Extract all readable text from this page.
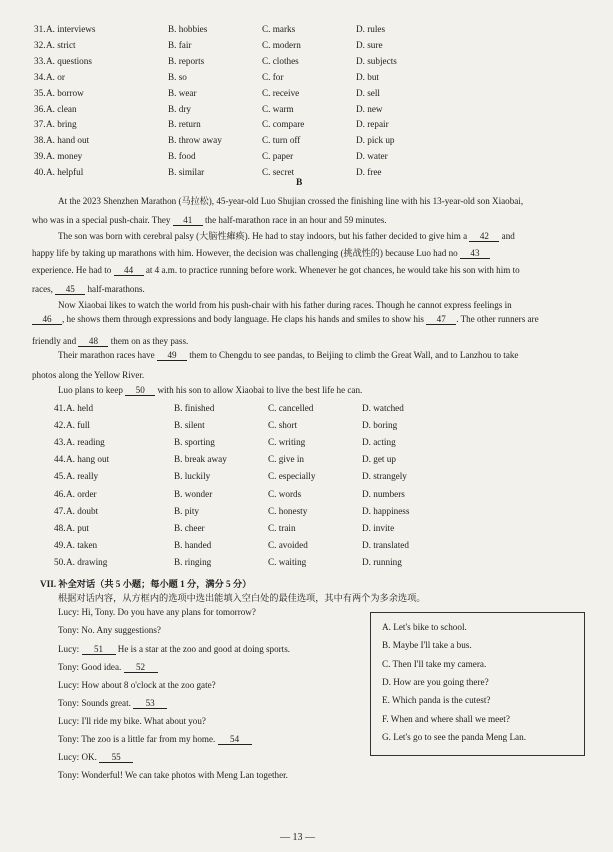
31. A. interviews	B. hobbies	C. marks	D. rules
32. A. strict	B. fair	C. modern	D. sure
33. A. questions	B. reports	C. clothes	D. subjects
34. A. or	B. so	C. for	D. but
35. A. borrow	B. wear	C. receive	D. sell
36. A. clean	B. dry	C. warm	D. new
37. A. bring	B. return	C. compare	D. repair
38. A. hand out	B. throw away	C. turn off	D. pick up
39. A. money	B. food	C. paper	D. water
40. A. helpful	B. similar	C. secret	D. free
B
At the 2023 Shenzhen Marathon (马拉松), 45-year-old Luo Shujian crossed the finishing line with his 13-year-old son Xiaobai,
who was in a special push-chair. They 41 the half-marathon race in an hour and 59 minutes.
The son was born with cerebral palsy (大脑性瘫痪). He had to stay indoors, but his father decided to give him a 42 and
happy life by taking up marathons with him. However, the decision was challenging (挑战性的) because Luo had no 43
experience. He had to 44 at 4 a.m. to practice running before work. Whenever he got chances, he would take his son with him to
races, 45 half-marathons.
Now Xiaobai likes to watch the world from his push-chair with his father during races. Though he cannot express feelings in
46 , he shows them through expressions and body language. He claps his hands and smiles to show his 47 . The other runners are
friendly and 48 them on as they pass.
Their marathon races have 49 them to Chengdu to see pandas, to Beijing to climb the Great Wall, and to Lanzhou to take
photos along the Yellow River.
Luo plans to keep 50 with his son to allow Xiaobai to live the best life he can.
41. A. held	B. finished	C. cancelled	D. watched
42. A. full	B. silent	C. short	D. boring
43. A. reading	B. sporting	C. writing	D. acting
44. A. hang out	B. break away	C. give in	D. get up
45. A. really	B. luckily	C. especially	D. strangely
46. A. order	B. wonder	C. words	D. numbers
47. A. doubt	B. pity	C. honesty	D. happiness
48. A. put	B. cheer	C. train	D. invite
49. A. taken	B. handed	C. avoided	D. translated
50. A. drawing	B. ringing	C. waiting	D. running
VII. 补全对话（共 5 小题；每小题 1 分，满分 5 分）
根据对话内容，从方框内的选项中选出能填入空白处的最佳选项，其中有两个为多余选项。
Lucy: Hi, Tony. Do you have any plans for tomorrow?
Tony: No. Any suggestions?
Lucy: 51 He is a star at the zoo and good at doing sports.
Tony: Good idea. 52
Lucy: How about 8 o'clock at the zoo gate?
Tony: Sounds great. 53
Lucy: I'll ride my bike. What about you?
Tony: The zoo is a little far from my home. 54
Lucy: OK. 55
Tony: Wonderful! We can take photos with Meng Lan together.
A. Let's bike to school.
B. Maybe I'll take a bus.
C. Then I'll take my camera.
D. How are you going there?
E. Which panda is the cutest?
F. When and where shall we meet?
G. Let's go to see the panda Meng Lan.
— 13 —
